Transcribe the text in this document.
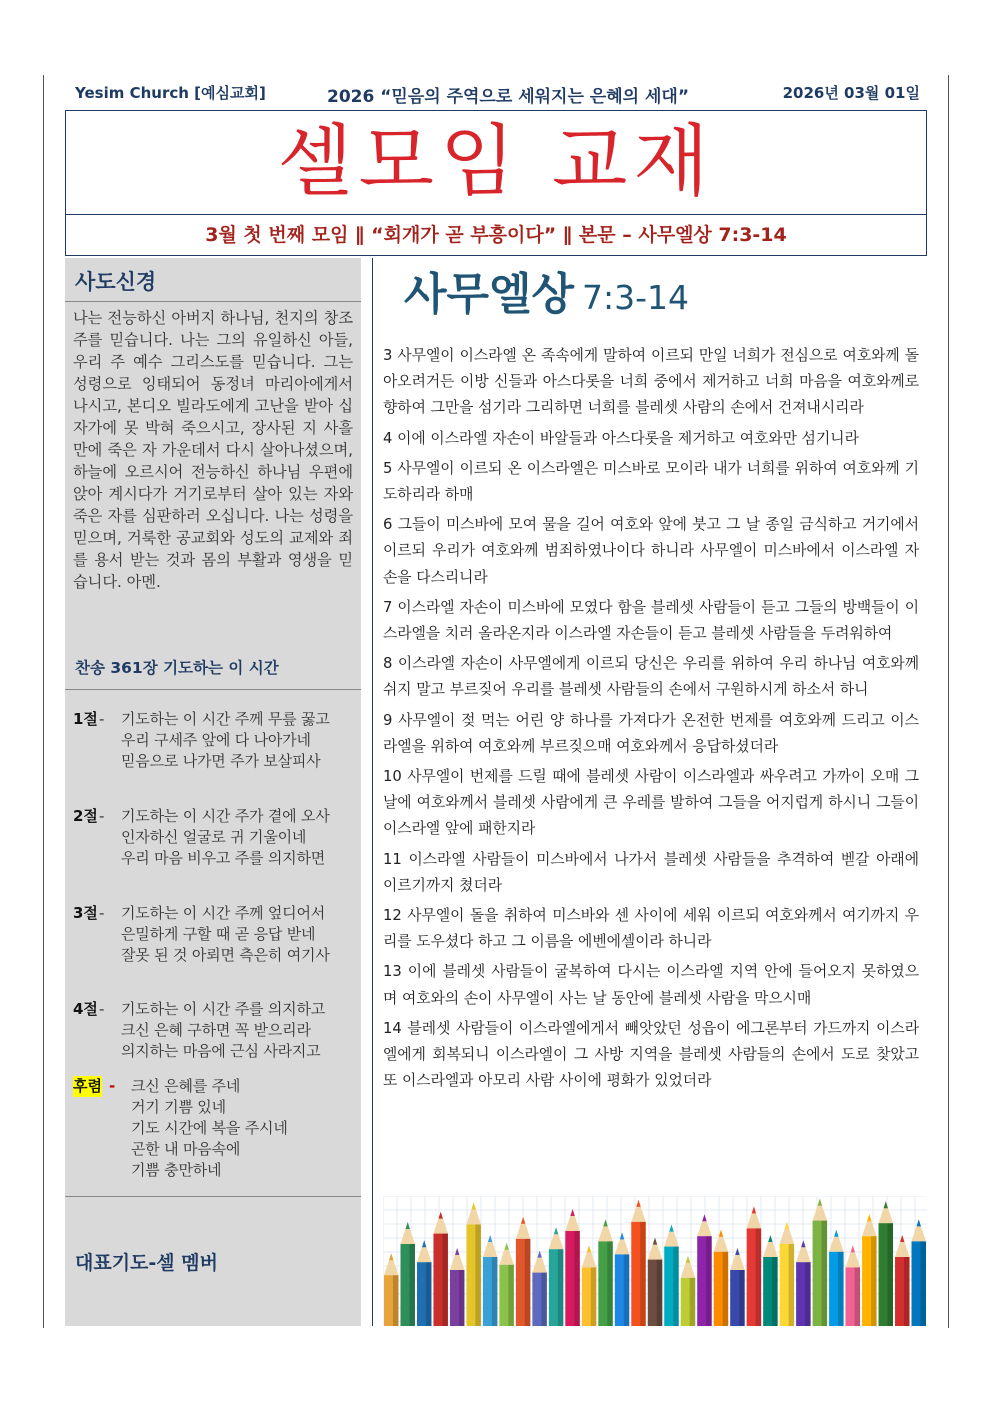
Yesim Church [예심교회]	2026 “믿음의 주역으로 세워지는 은혜의 세대”	2026년 03월 01일
셀모임 교재
3월 첫 번째 모임 ∥ “회개가 곧 부흥이다” ∥ 본문 – 사무엘상 7:3-14
사도신경
나는 전능하신 아버지 하나님, 천지의 창조주를 믿습니다. 나는 그의 유일하신 아들, 우리 주 예수 그리스도를 믿습니다. 그는 성령으로 잉태되어 동정녀 마리아에게서 나시고, 본디오 빌라도에게 고난을 받아 십자가에 못 박혀 죽으시고, 장사된 지 사흘 만에 죽은 자 가운데서 다시 살아나셨으며, 하늘에 오르시어 전능하신 하나님 우편에 앉아 계시다가 거기로부터 살아 있는 자와 죽은 자를 심판하러 오십니다. 나는 성령을 믿으며, 거룩한 공교회와 성도의 교제와 죄를 용서 받는 것과 몸의 부활과 영생을 믿습니다. 아멘.
찬송 361장 기도하는 이 시간
1절 - 기도하는 이 시간 주께 무릎 꿇고
우리 구세주 앞에 다 나아가네
믿음으로 나가면 주가 보살피사
2절 - 기도하는 이 시간 주가 곁에 오사
인자하신 얼굴로 귀 기울이네
우리 마음 비우고 주를 의지하면
3절 - 기도하는 이 시간 주께 엎디어서
은밀하게 구할 때 곧 응답 받네
잘못 된 것 아뢰면 측은히 여기사
4절 - 기도하는 이 시간 주를 의지하고
크신 은혜 구하면 꼭 받으리라
의지하는 마음에 근심 사라지고
후렴 - 크신 은혜를 주네
거기 기쁨 있네
기도 시간에 복을 주시네
곤한 내 마음속에
기쁨 충만하네
대표기도-셀 멤버
사무엘상 7:3-14

3 사무엘이 이스라엘 온 족속에게 말하여 이르되 만일 너희가 전심으로 여호와께 돌아오려거든 이방 신들과 아스다롯을 너희 중에서 제거하고 너희 마음을 여호와께로 향하여 그만을 섬기라 그리하면 너희를 블레셋 사람의 손에서 건져내시리라

4 이에 이스라엘 자손이 바알들과 아스다롯을 제거하고 여호와만 섬기니라

5 사무엘이 이르되 온 이스라엘은 미스바로 모이라 내가 너희를 위하여 여호와께 기도하리라 하매

6 그들이 미스바에 모여 물을 길어 여호와 앞에 붓고 그 날 종일 금식하고 거기에서 이르되 우리가 여호와께 범죄하였나이다 하니라 사무엘이 미스바에서 이스라엘 자손을 다스리니라

7 이스라엘 자손이 미스바에 모였다 함을 블레셋 사람들이 듣고 그들의 방백들이 이스라엘을 치러 올라온지라 이스라엘 자손들이 듣고 블레셋 사람들을 두려워하여

8 이스라엘 자손이 사무엘에게 이르되 당신은 우리를 위하여 우리 하나님 여호와께 쉬지 말고 부르짖어 우리를 블레셋 사람들의 손에서 구원하시게 하소서 하니

9 사무엘이 젖 먹는 어린 양 하나를 가져다가 온전한 번제를 여호와께 드리고 이스라엘을 위하여 여호와께 부르짖으매 여호와께서 응답하셨더라

10 사무엘이 번제를 드릴 때에 블레셋 사람이 이스라엘과 싸우려고 가까이 오매 그 날에 여호와께서 블레셋 사람에게 큰 우레를 발하여 그들을 어지럽게 하시니 그들이 이스라엘 앞에 패한지라

11 이스라엘 사람들이 미스바에서 나가서 블레셋 사람들을 추격하여 벧갈 아래에 이르기까지 쳤더라

12 사무엘이 돌을 취하여 미스바와 센 사이에 세워 이르되 여호와께서 여기까지 우리를 도우셨다 하고 그 이름을 에벤에셀이라 하니라

13 이에 블레셋 사람들이 굴복하여 다시는 이스라엘 지역 안에 들어오지 못하였으며 여호와의 손이 사무엘이 사는 날 동안에 블레셋 사람을 막으시매

14 블레셋 사람들이 이스라엘에게서 빼앗았던 성읍이 에그론부터 가드까지 이스라엘에게 회복되니 이스라엘이 그 사방 지역을 블레셋 사람들의 손에서 도로 찾았고 또 이스라엘과 아모리 사람 사이에 평화가 있었더라
